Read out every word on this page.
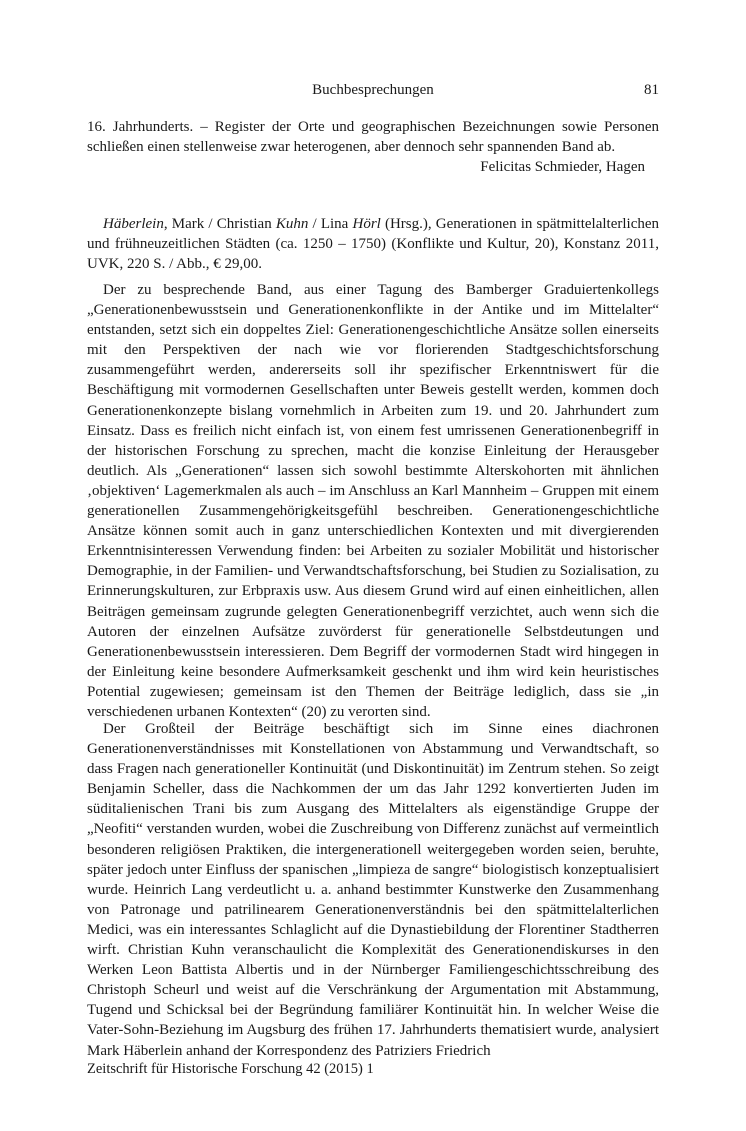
Buchbesprechungen	81

16. Jahrhunderts. – Register der Orte und geographischen Bezeichnungen sowie Personen schließen einen stellenweise zwar heterogenen, aber dennoch sehr spannenden Band ab.

Felicitas Schmieder, Hagen

Häberlein, Mark / Christian Kuhn / Lina Hörl (Hrsg.), Generationen in spätmittelalterlichen und frühneuzeitlichen Städten (ca. 1250 – 1750) (Konflikte und Kultur, 20), Konstanz 2011, UVK, 220 S. / Abb., € 29,00.

Der zu besprechende Band, aus einer Tagung des Bamberger Graduiertenkollegs „Generationenbewusstsein und Generationenkonflikte in der Antike und im Mittelalter“ entstanden, setzt sich ein doppeltes Ziel: Generationengeschichtliche Ansätze sollen einerseits mit den Perspektiven der nach wie vor florierenden Stadtgeschichtsforschung zusammengeführt werden, andererseits soll ihr spezifischer Erkenntniswert für die Beschäftigung mit vormodernen Gesellschaften unter Beweis gestellt werden, kommen doch Generationenkonzepte bislang vornehmlich in Arbeiten zum 19. und 20. Jahrhundert zum Einsatz. Dass es freilich nicht einfach ist, von einem fest umrissenen Generationenbegriff in der historischen Forschung zu sprechen, macht die konzise Einleitung der Herausgeber deutlich. Als „Generationen“ lassen sich sowohl bestimmte Alterskohorten mit ähnlichen ‚objektiven‘ Lagemerkmalen als auch – im Anschluss an Karl Mannheim – Gruppen mit einem generationellen Zusammengehörigkeitsgefühl beschreiben. Generationengeschichtliche Ansätze können somit auch in ganz unterschiedlichen Kontexten und mit divergierenden Erkenntnisinteressen Verwendung finden: bei Arbeiten zu sozialer Mobilität und historischer Demographie, in der Familien- und Verwandtschaftsforschung, bei Studien zu Sozialisation, zu Erinnerungskulturen, zur Erbpraxis usw. Aus diesem Grund wird auf einen einheitlichen, allen Beiträgen gemeinsam zugrunde gelegten Generationenbegriff verzichtet, auch wenn sich die Autoren der einzelnen Aufsätze zuvörderst für generationelle Selbstdeutungen und Generationenbewusstsein interessieren. Dem Begriff der vormodernen Stadt wird hingegen in der Einleitung keine besondere Aufmerksamkeit geschenkt und ihm wird kein heuristisches Potential zugewiesen; gemeinsam ist den Themen der Beiträge lediglich, dass sie „in verschiedenen urbanen Kontexten“ (20) zu verorten sind.

Der Großteil der Beiträge beschäftigt sich im Sinne eines diachronen Generationenverständnisses mit Konstellationen von Abstammung und Verwandtschaft, so dass Fragen nach generationeller Kontinuität (und Diskontinuität) im Zentrum stehen. So zeigt Benjamin Scheller, dass die Nachkommen der um das Jahr 1292 konvertierten Juden im süditalienischen Trani bis zum Ausgang des Mittelalters als eigenständige Gruppe der „Neofiti“ verstanden wurden, wobei die Zuschreibung von Differenz zunächst auf vermeintlich besonderen religiösen Praktiken, die intergenerationell weitergegeben worden seien, beruhte, später jedoch unter Einfluss der spanischen „limpieza de sangre“ biologistisch konzeptualisiert wurde. Heinrich Lang verdeutlicht u. a. anhand bestimmter Kunstwerke den Zusammenhang von Patronage und patrilinearem Generationenverständnis bei den spätmittelalterlichen Medici, was ein interessantes Schlaglicht auf die Dynastiebildung der Florentiner Stadtherren wirft. Christian Kuhn veranschaulicht die Komplexität des Generationendiskurses in den Werken Leon Battista Albertis und in der Nürnberger Familiengeschichtsschreibung des Christoph Scheurl und weist auf die Verschränkung der Argumentation mit Abstammung, Tugend und Schicksal bei der Begründung familiärer Kontinuität hin. In welcher Weise die Vater-Sohn-Beziehung im Augsburg des frühen 17. Jahrhunderts thematisiert wurde, analysiert Mark Häberlein anhand der Korrespondenz des Patriziers Friedrich

Zeitschrift für Historische Forschung 42 (2015) 1
